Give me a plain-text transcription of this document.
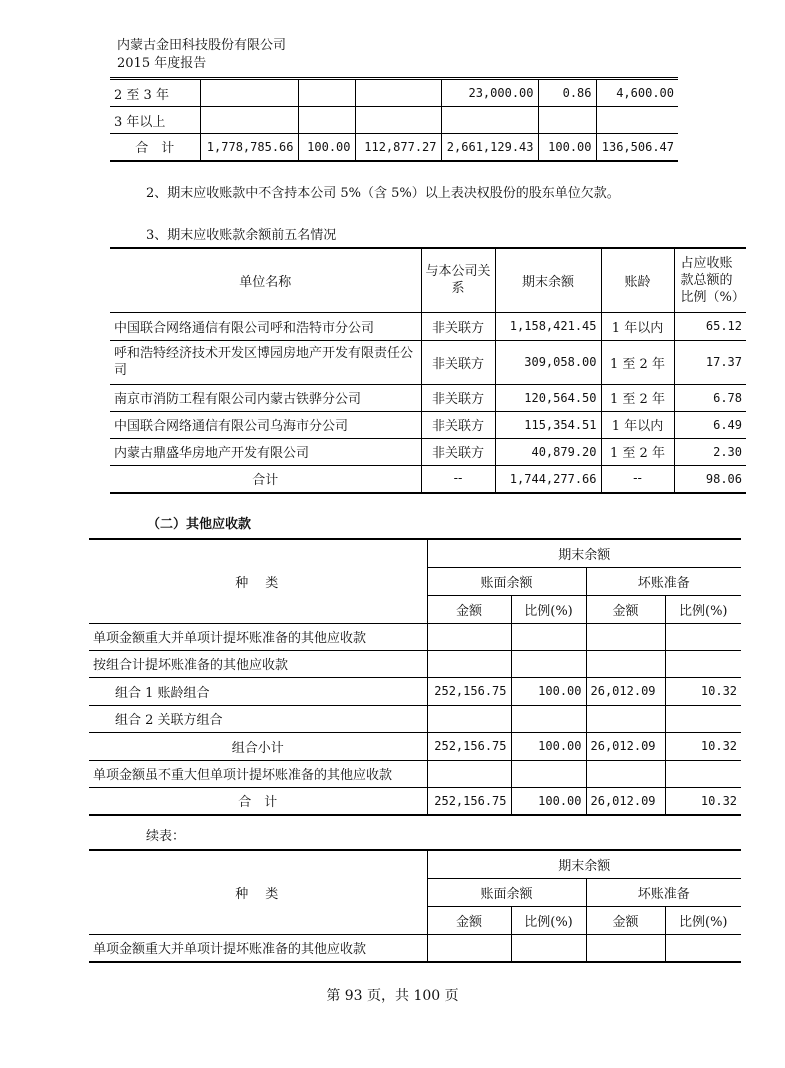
内蒙古金田科技股份有限公司
2015 年度报告
2 至 3 年				23,000.00	0.86	4,600.00
3 年以上						
合　计	1,778,785.66	100.00	112,877.27	2,661,129.43	100.00	136,506.47
2、期末应收账款中不含持本公司 5%（含 5%）以上表决权股份的股东单位欠款。
3、期末应收账款余额前五名情况
单位名称	与本公司关系	期末余额	账龄	占应收账款总额的比例（%）
中国联合网络通信有限公司呼和浩特市分公司	非关联方	1,158,421.45	1 年以内	65.12
呼和浩特经济技术开发区博园房地产开发有限责任公司	非关联方	309,058.00	1 至 2 年	17.37
南京市消防工程有限公司内蒙古铁骅分公司	非关联方	120,564.50	1 至 2 年	6.78
中国联合网络通信有限公司乌海市分公司	非关联方	115,354.51	1 年以内	6.49
内蒙古鼎盛华房地产开发有限公司	非关联方	40,879.20	1 至 2 年	2.30
合计	--	1,744,277.66	--	98.06
（二）其他应收款
种　类	期末余额			
	账面余额		坏账准备	
	金额	比例(%)	金额	比例(%)
单项金额重大并单项计提坏账准备的其他应收款				
按组合计提坏账准备的其他应收款				
组合 1 账龄组合	252,156.75	100.00	26,012.09	10.32
组合 2 关联方组合				
组合小计	252,156.75	100.00	26,012.09	10.32
单项金额虽不重大但单项计提坏账准备的其他应收款				
合　计	252,156.75	100.00	26,012.09	10.32
续表：
种　类	期末余额			
	账面余额		坏账准备	
	金额	比例(%)	金额	比例(%)
单项金额重大并单项计提坏账准备的其他应收款				
第 93 页，共 100 页
